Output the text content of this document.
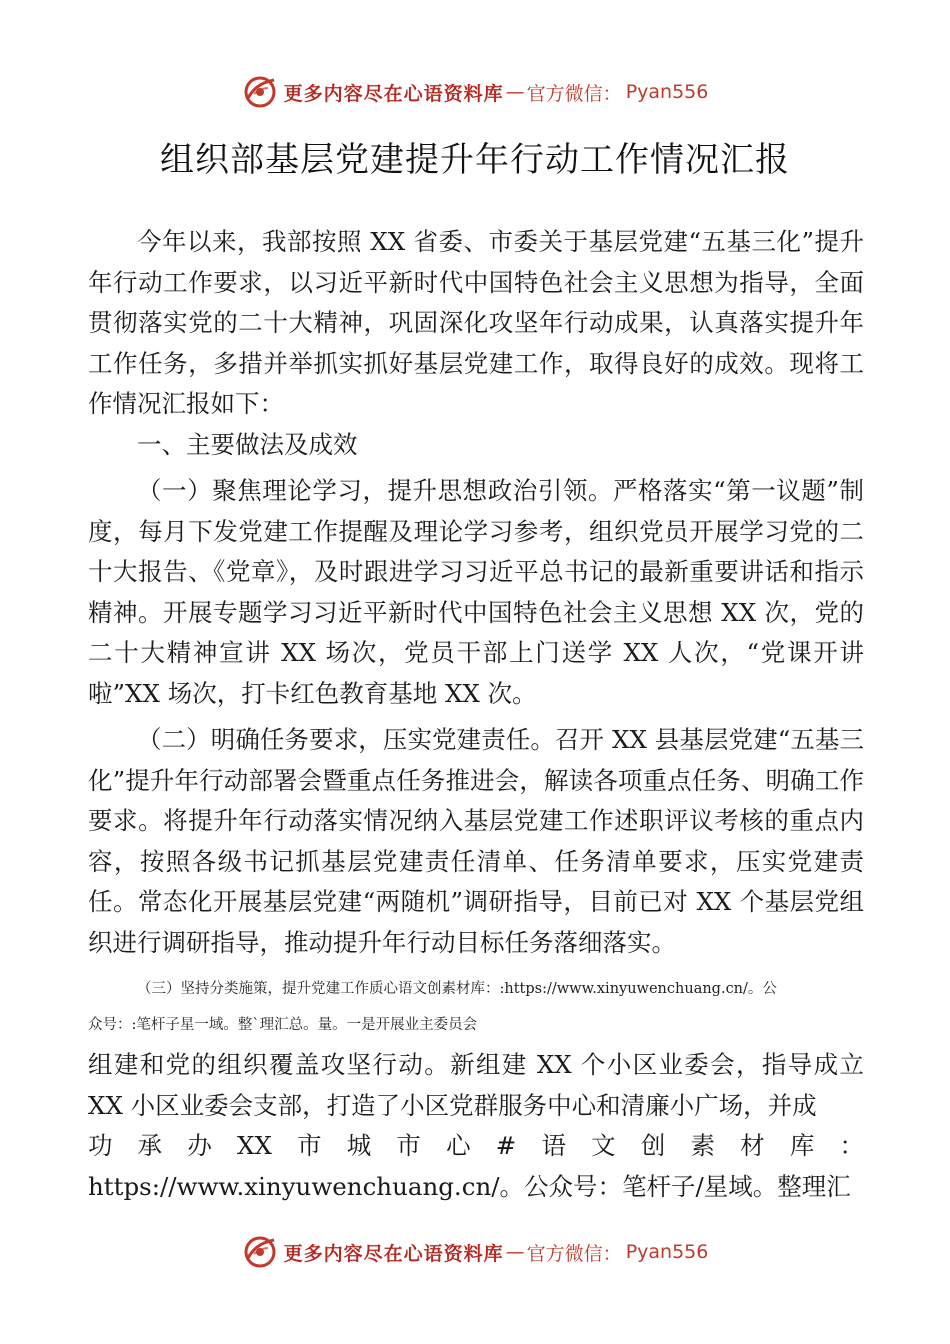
更多内容尽在心语资料库 — 官方微信： Pyan556
组织部基层党建提升年行动工作情况汇报

今年以来，我部按照 XX 省委、市委关于基层党建“五基三化”提升年行动工作要求，以习近平新时代中国特色社会主义思想为指导，全面贯彻落实党的二十大精神，巩固深化攻坚年行动成果，认真落实提升年工作任务，多措并举抓实抓好基层党建工作，取得良好的成效。现将工作情况汇报如下：

一、主要做法及成效

（一）聚焦理论学习，提升思想政治引领。严格落实“第一议题”制度，每月下发党建工作提醒及理论学习参考，组织党员开展学习党的二十大报告、《党章》，及时跟进学习习近平总书记的最新重要讲话和指示精神。开展专题学习习近平新时代中国特色社会主义思想 XX 次，党的二十大精神宣讲 XX 场次，党员干部上门送学 XX 人次，“党课开讲啦”XX 场次，打卡红色教育基地 XX 次。

（二）明确任务要求，压实党建责任。召开 XX 县基层党建“五基三化”提升年行动部署会暨重点任务推进会，解读各项重点任务、明确工作要求。将提升年行动落实情况纳入基层党建工作述职评议考核的重点内容，按照各级书记抓基层党建责任清单、任务清单要求，压实党建责任。常态化开展基层党建“两随机”调研指导，目前已对 XX 个基层党组织进行调研指导，推动提升年行动目标任务落细落实。

（三）坚持分类施策，提升党建工作质心语文创素材库：:https://www.xinyuwenchuang.cn/。公

众号：:笔杆子星一域。整`理汇总。量。一是开展业主委员会

组建和党的组织覆盖攻坚行动。新组建 XX 个小区业委会，指导成立 XX 小区业委会支部，打造了小区党群服务中心和清廉小广场，并成

功 承 办 XX 市 城 市 心 # 语 文 创 素 材 库 ：

https://www.xinyuwenchuang.cn/。公众号：笔杆子/星域。整理汇

更多内容尽在心语资料库 — 官方微信： Pyan556
